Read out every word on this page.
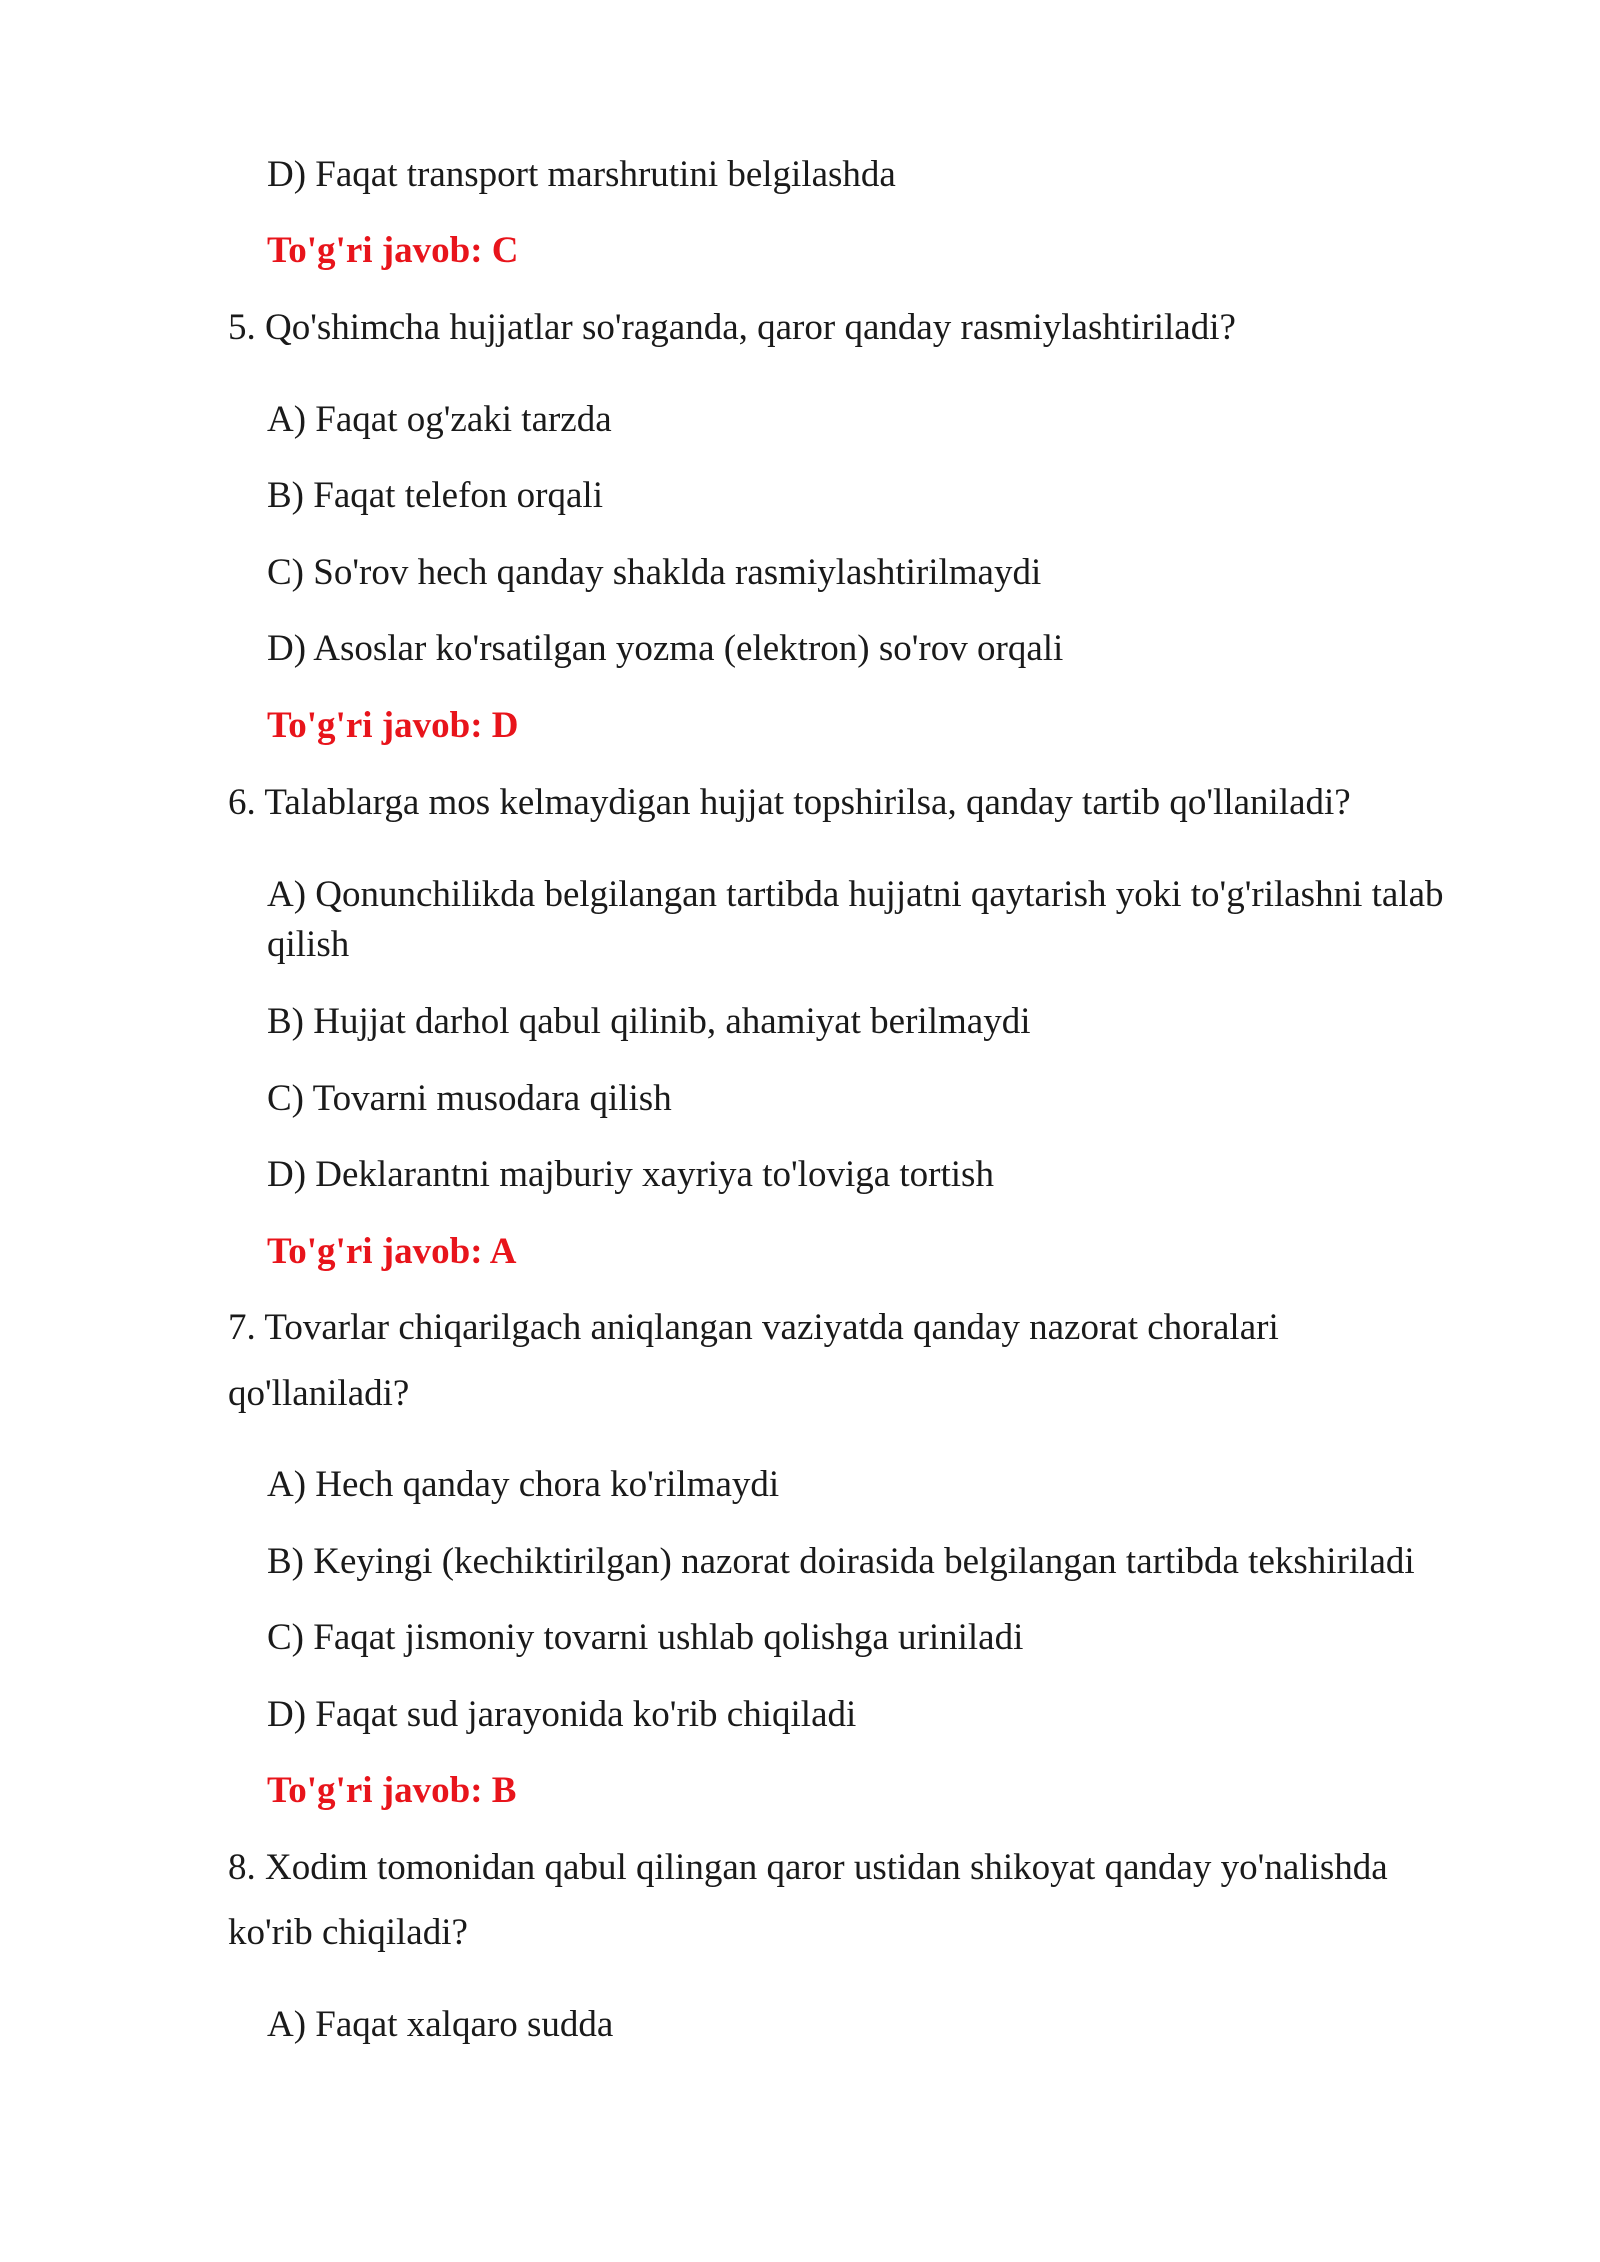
D) Faqat transport marshrutini belgilashda
To'g'ri javob: C
5. Qo'shimcha hujjatlar so'raganda, qaror qanday rasmiylashtiriladi?
A) Faqat og'zaki tarzda
B) Faqat telefon orqali
C) So'rov hech qanday shaklda rasmiylashtirilmaydi
D) Asoslar ko'rsatilgan yozma (elektron) so'rov orqali
To'g'ri javob: D
6. Talablarga mos kelmaydigan hujjat topshirilsa, qanday tartib qo'llaniladi?
A) Qonunchilikda belgilangan tartibda hujjatni qaytarish yoki to'g'rilashni talab qilish
B) Hujjat darhol qabul qilinib, ahamiyat berilmaydi
C) Tovarni musodara qilish
D) Deklarantni majburiy xayriya to'loviga tortish
To'g'ri javob: A
7. Tovarlar chiqarilgach aniqlangan vaziyatda qanday nazorat choralari
qo'llaniladi?
A) Hech qanday chora ko'rilmaydi
B) Keyingi (kechiktirilgan) nazorat doirasida belgilangan tartibda tekshiriladi
C) Faqat jismoniy tovarni ushlab qolishga uriniladi
D) Faqat sud jarayonida ko'rib chiqiladi
To'g'ri javob: B
8. Xodim tomonidan qabul qilingan qaror ustidan shikoyat qanday yo'nalishda
ko'rib chiqiladi?
A) Faqat xalqaro sudda
